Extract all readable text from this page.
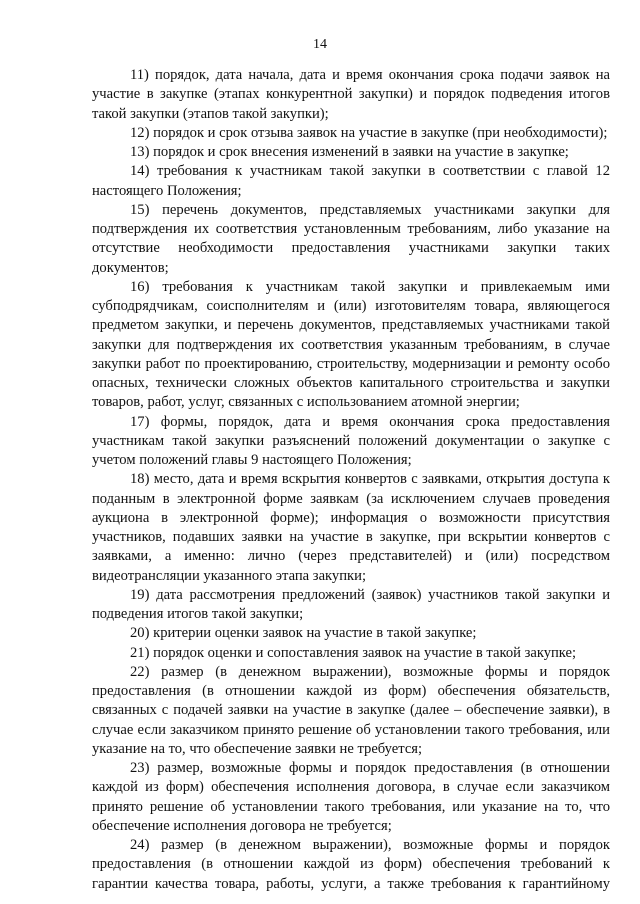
14

11) порядок, дата начала, дата и время окончания срока подачи заявок на участие в закупке (этапах конкурентной закупки) и порядок подведения итогов такой закупки (этапов такой закупки);

12) порядок и срок отзыва заявок на участие в закупке (при необходимости);

13) порядок и срок внесения изменений в заявки на участие в закупке;

14) требования к участникам такой закупки в соответствии с главой 12 настоящего Положения;

15) перечень документов, представляемых участниками закупки для подтверждения их соответствия установленным требованиям, либо указание на отсутствие необходимости предоставления участниками закупки таких документов;

16) требования к участникам такой закупки и привлекаемым ими субподрядчикам, соисполнителям и (или) изготовителям товара, являющегося предметом закупки, и перечень документов, представляемых участниками такой закупки для подтверждения их соответствия указанным требованиям, в случае закупки работ по проектированию, строительству, модернизации и ремонту особо опасных, технически сложных объектов капитального строительства и закупки товаров, работ, услуг, связанных с использованием атомной энергии;

17) формы, порядок, дата и время окончания срока предоставления участникам такой закупки разъяснений положений документации о закупке с учетом положений главы 9 настоящего Положения;

18) место, дата и время вскрытия конвертов с заявками, открытия доступа к поданным в электронной форме заявкам (за исключением случаев проведения аукциона в электронной форме); информация о возможности присутствия участников, подавших заявки на участие в закупке, при вскрытии конвертов с заявками, а именно: лично (через представителей) и (или) посредством видеотрансляции указанного этапа закупки;

19) дата рассмотрения предложений (заявок) участников такой закупки и подведения итогов такой закупки;

20) критерии оценки заявок на участие в такой закупке;

21) порядок оценки и сопоставления заявок на участие в такой закупке;

22) размер (в денежном выражении), возможные формы и порядок предоставления (в отношении каждой из форм) обеспечения обязательств, связанных с подачей заявки на участие в закупке (далее – обеспечение заявки), в случае если заказчиком принято решение об установлении такого требования, или указание на то, что обеспечение заявки не требуется;

23) размер, возможные формы и порядок предоставления (в отношении каждой из форм) обеспечения исполнения договора, в случае если заказчиком принято решение об установлении такого требования, или указание на то, что обеспечение исполнения договора не требуется;

24) размер (в денежном выражении), возможные формы и порядок предоставления (в отношении каждой из форм) обеспечения требований к гарантии качества товара, работы, услуги, а также требования к гарантийному
